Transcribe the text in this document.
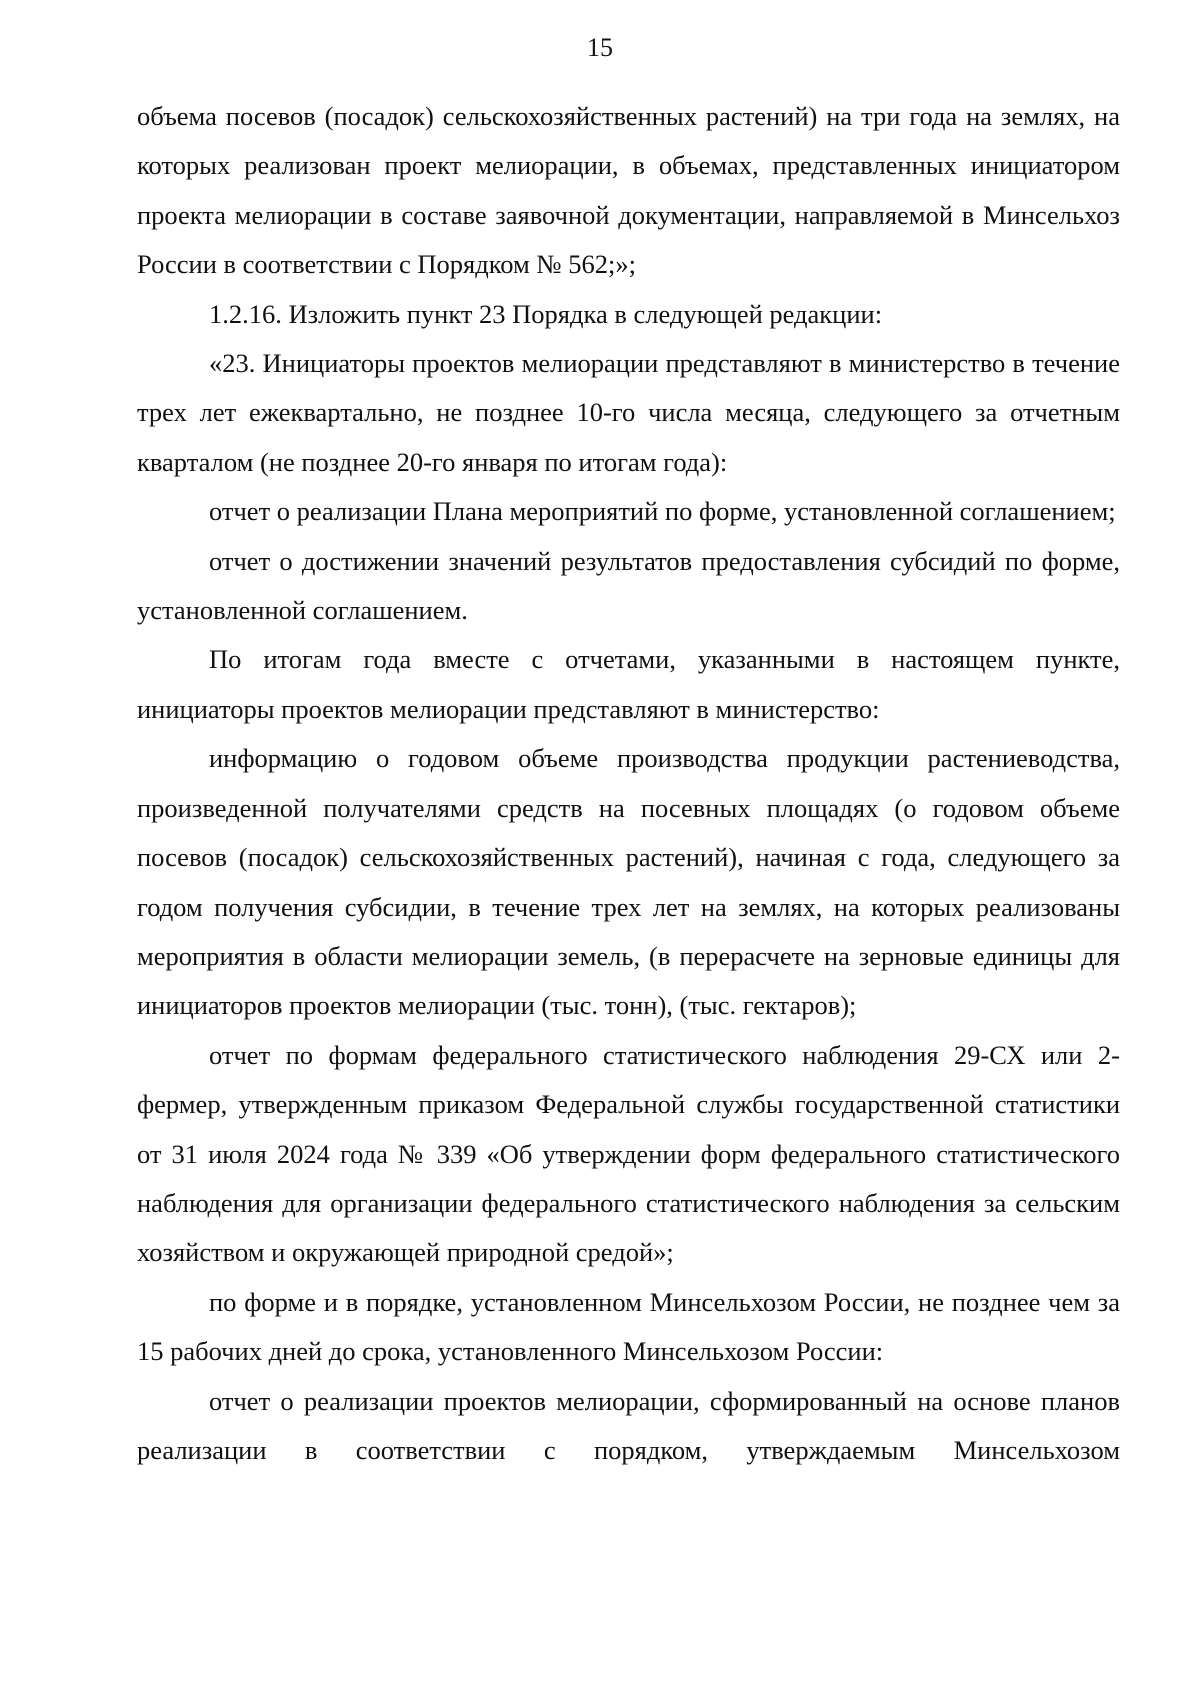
15

объема посевов (посадок) сельскохозяйственных растений) на три года на землях, на которых реализован проект мелиорации, в объемах, представленных инициатором проекта мелиорации в составе заявочной документации, направляемой в Минсельхоз России в соответствии с Порядком № 562;»;

1.2.16. Изложить пункт 23 Порядка в следующей редакции:

«23. Инициаторы проектов мелиорации представляют в министерство в течение трех лет ежеквартально, не позднее 10-го числа месяца, следующего за отчетным кварталом (не позднее 20-го января по итогам года):

отчет о реализации Плана мероприятий по форме, установленной соглашением;

отчет о достижении значений результатов предоставления субсидий по форме, установленной соглашением.

По итогам года вместе с отчетами, указанными в настоящем пункте, инициаторы проектов мелиорации представляют в министерство:

информацию о годовом объеме производства продукции растениеводства, произведенной получателями средств на посевных площадях (о годовом объеме посевов (посадок) сельскохозяйственных растений), начиная с года, следующего за годом получения субсидии, в течение трех лет на землях, на которых реализованы мероприятия в области мелиорации земель, (в перерасчете на зерновые единицы для инициаторов проектов мелиорации (тыс. тонн), (тыс. гектаров);

отчет по формам федерального статистического наблюдения 29-СХ или 2-фермер, утвержденным приказом Федеральной службы государственной статистики от 31 июля 2024 года № 339 «Об утверждении форм федерального статистического наблюдения для организации федерального статистического наблюдения за сельским хозяйством и окружающей природной средой»;

по форме и в порядке, установленном Минсельхозом России, не позднее чем за 15 рабочих дней до срока, установленного Минсельхозом России:

отчет о реализации проектов мелиорации, сформированный на основе планов реализации в соответствии с порядком, утверждаемым Минсельхозом
